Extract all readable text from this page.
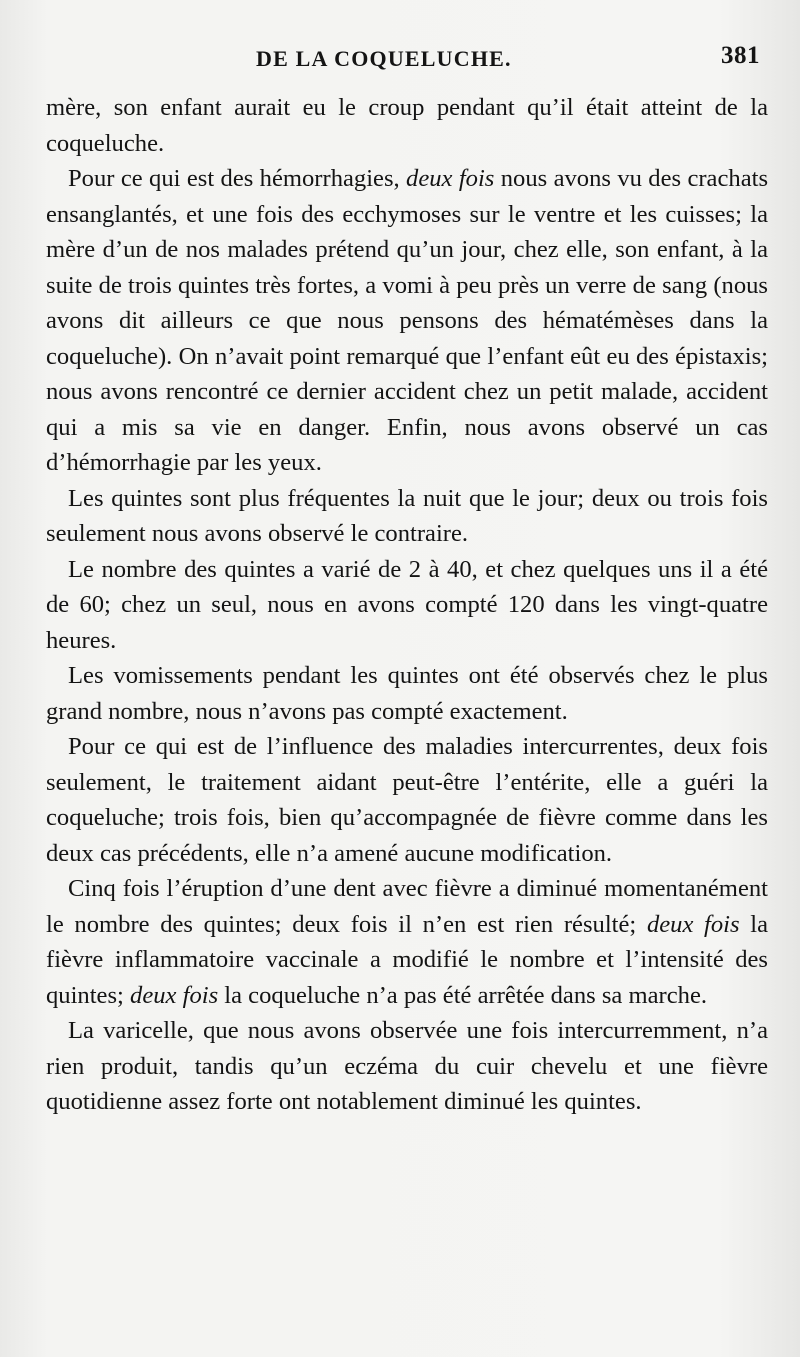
DE LA COQUELUCHE.	381

mère, son enfant aurait eu le croup pendant qu’il était atteint de la coqueluche.

Pour ce qui est des hémorrhagies, deux fois nous avons vu des crachats ensanglantés, et une fois des ecchymoses sur le ventre et les cuisses; la mère d’un de nos malades prétend qu’un jour, chez elle, son enfant, à la suite de trois quintes très fortes, a vomi à peu près un verre de sang (nous avons dit ailleurs ce que nous pensons des hématémèses dans la coqueluche). On n’avait point remarqué que l’enfant eût eu des épistaxis; nous avons rencontré ce dernier accident chez un petit malade, accident qui a mis sa vie en danger. Enfin, nous avons observé un cas d’hémorrhagie par les yeux.

Les quintes sont plus fréquentes la nuit que le jour; deux ou trois fois seulement nous avons observé le contraire.

Le nombre des quintes a varié de 2 à 40, et chez quelques uns il a été de 60; chez un seul, nous en avons compté 120 dans les vingt-quatre heures.

Les vomissements pendant les quintes ont été observés chez le plus grand nombre, nous n’avons pas compté exactement.

Pour ce qui est de l’influence des maladies intercurrentes, deux fois seulement, le traitement aidant peut-être l’entérite, elle a guéri la coqueluche; trois fois, bien qu’accompagnée de fièvre comme dans les deux cas précédents, elle n’a amené aucune modification.

Cinq fois l’éruption d’une dent avec fièvre a diminué momentanément le nombre des quintes; deux fois il n’en est rien résulté; deux fois la fièvre inflammatoire vaccinale a modifié le nombre et l’intensité des quintes; deux fois la coqueluche n’a pas été arrêtée dans sa marche.

La varicelle, que nous avons observée une fois intercurremment, n’a rien produit, tandis qu’un eczéma du cuir chevelu et une fièvre quotidienne assez forte ont notablement diminué les quintes.
